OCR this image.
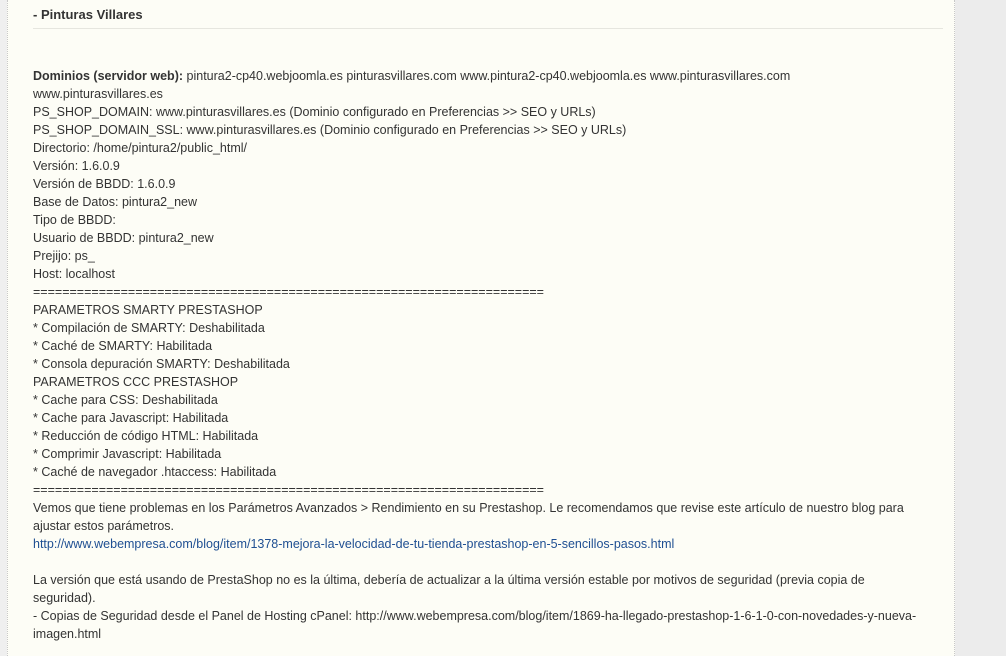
- Pinturas Villares

Dominios (servidor web): pintura2-cp40.webjoomla.es pinturasvillares.com www.pintura2-cp40.webjoomla.es www.pinturasvillares.com

www.pinturasvillares.es

PS_SHOP_DOMAIN: www.pinturasvillares.es (Dominio configurado en Preferencias >> SEO y URLs)

PS_SHOP_DOMAIN_SSL: www.pinturasvillares.es (Dominio configurado en Preferencias >> SEO y URLs)

Directorio: /home/pintura2/public_html/

Versión: 1.6.0.9

Versión de BBDD: 1.6.0.9

Base de Datos: pintura2_new

Tipo de BBDD:

Usuario de BBDD: pintura2_new

Prejijo: ps_

Host: localhost

======================================================================

PARAMETROS SMARTY PRESTASHOP

* Compilación de SMARTY: Deshabilitada

* Caché de SMARTY: Habilitada

* Consola depuración SMARTY: Deshabilitada

PARAMETROS CCC PRESTASHOP

* Cache para CSS: Deshabilitada

* Cache para Javascript: Habilitada

* Reducción de código HTML: Habilitada

* Comprimir Javascript: Habilitada

* Caché de navegador .htaccess: Habilitada

======================================================================

Vemos que tiene problemas en los Parámetros Avanzados > Rendimiento en su Prestashop. Le recomendamos que revise este artículo de nuestro blog para

ajustar estos parámetros.

http://www.webempresa.com/blog/item/1378-mejora-la-velocidad-de-tu-tienda-prestashop-en-5-sencillos-pasos.html

La versión que está usando de PrestaShop no es la última, debería de actualizar a la última versión estable por motivos de seguridad (previa copia de

seguridad).

- Copias de Seguridad desde el Panel de Hosting cPanel: http://www.webempresa.com/blog/item/1869-ha-llegado-prestashop-1-6-1-0-con-novedades-y-nueva-

imagen.html
